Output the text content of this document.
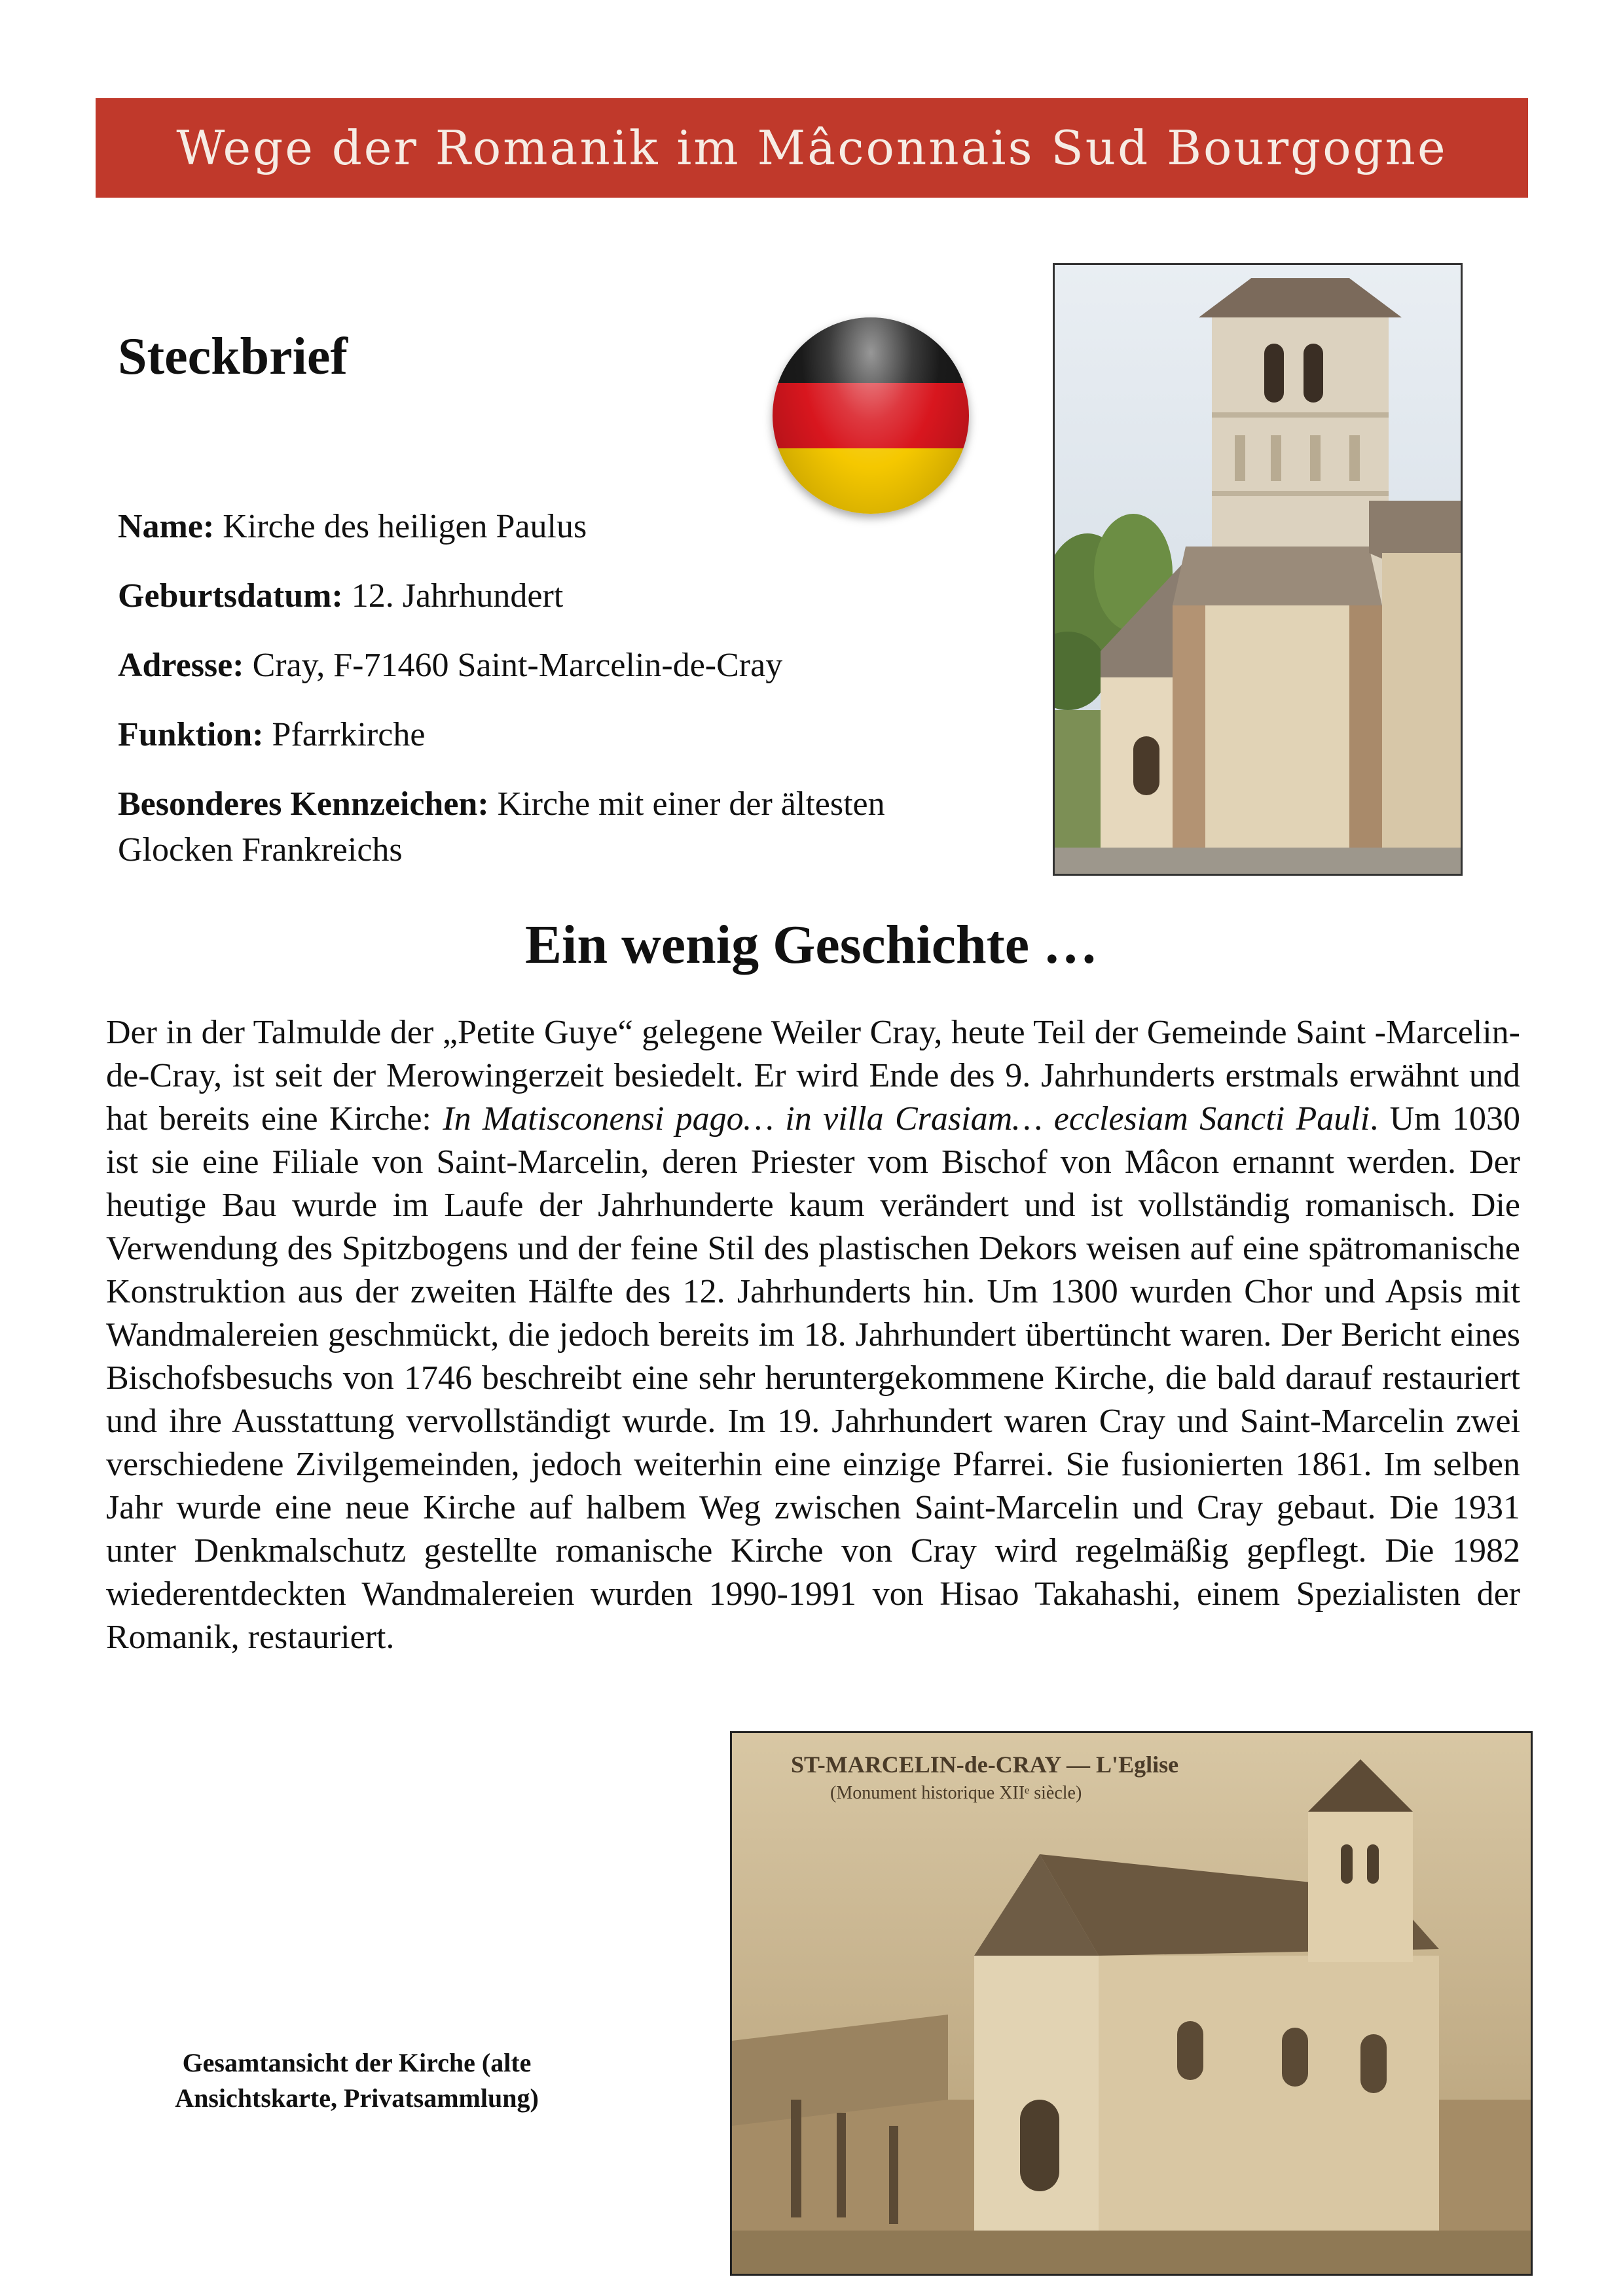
Wege der Romanik im Mâconnais Sud Bourgogne
Steckbrief

Name: Kirche des heiligen Paulus

Geburtsdatum: 12. Jahrhundert

Adresse: Cray, F-71460 Saint-Marcelin-de-Cray

Funktion: Pfarrkirche

Besonderes Kennzeichen: Kirche mit einer der ältesten Glocken Frankreichs

Ein wenig Geschichte …

Der in der Talmulde der „Petite Guye“ gelegene Weiler Cray, heute Teil der Gemeinde Saint -Marcelin-de-Cray, ist seit der Merowingerzeit besiedelt. Er wird Ende des 9. Jahrhunderts erstmals erwähnt und hat bereits eine Kirche: In Matisconensi pago… in villa Crasiam… ecclesiam Sancti Pauli. Um 1030 ist sie eine Filiale von Saint-Marcelin, deren Priester vom Bischof von Mâcon ernannt werden. Der heutige Bau wurde im Laufe der Jahrhunderte kaum verändert und ist vollständig romanisch. Die Verwendung des Spitzbogens und der feine Stil des plastischen Dekors weisen auf eine spätromanische Konstruktion aus der zweiten Hälfte des 12. Jahrhunderts hin. Um 1300 wurden Chor und Apsis mit Wandmalereien geschmückt, die jedoch bereits im 18. Jahrhundert übertüncht waren. Der Bericht eines Bischofsbesuchs von 1746 beschreibt eine sehr heruntergekommene Kirche, die bald darauf restauriert und ihre Ausstattung vervollständigt wurde. Im 19. Jahrhundert waren Cray und Saint-Marcelin zwei verschiedene Zivilgemeinden, jedoch weiterhin eine einzige Pfarrei. Sie fusionierten 1861. Im selben Jahr wurde eine neue Kirche auf halbem Weg zwischen Saint-Marcelin und Cray gebaut. Die 1931 unter Denkmalschutz gestellte romanische Kirche von Cray wird regelmäßig gepflegt. Die 1982 wiederentdeckten Wandmalereien wurden 1990-1991 von Hisao Takahashi, einem Spezialisten der Romanik, restauriert.

Gesamtansicht der Kirche (alte Ansichtskarte, Privatsammlung)
ST-MARCELIN-de-CRAY — L'Eglise
(Monument historique XIIᵉ siècle)
